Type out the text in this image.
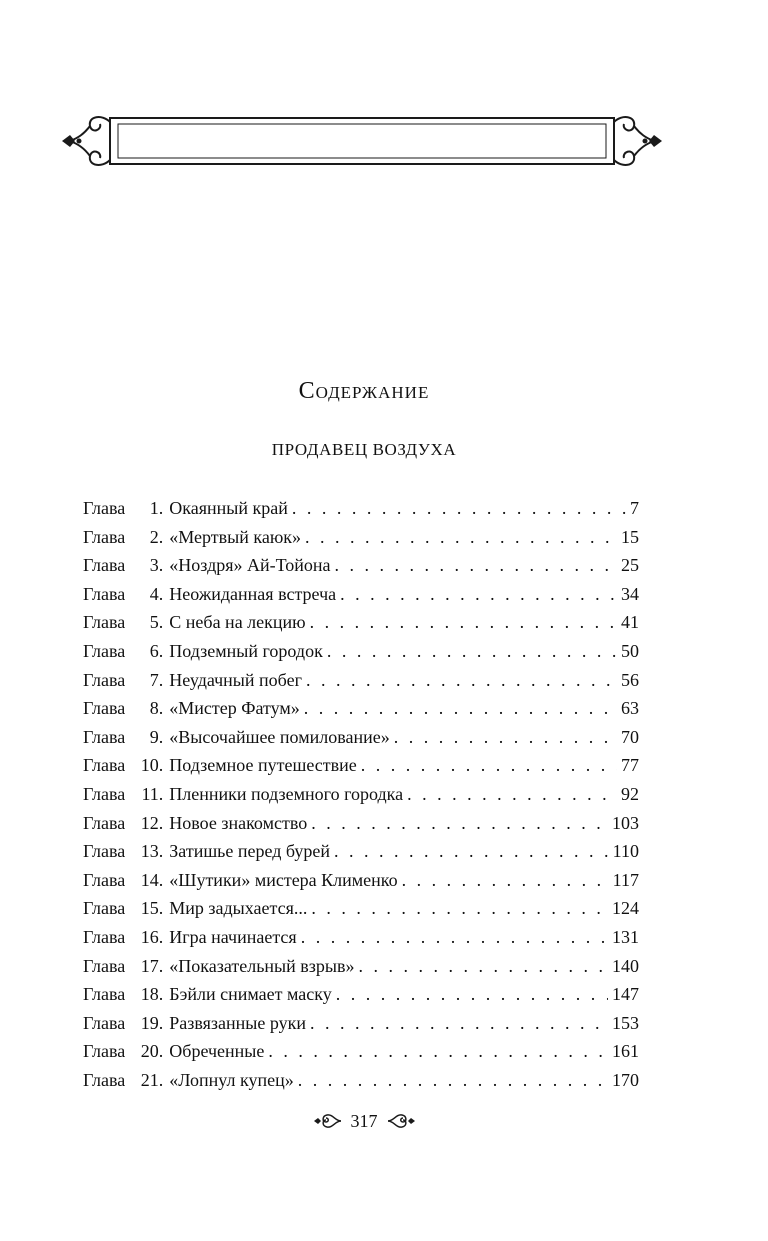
Содержание
ПРОДАВЕЦ ВОЗДУХА
Глава	1. Окаянный край . . .	7
Глава	2. «Мертвый каюк» . . .	15
Глава	3. «Ноздря» Ай-Тойона . . .	25
Глава	4. Неожиданная встреча . . .	34
Глава	5. С неба на лекцию . . .	41
Глава	6. Подземный городок . . .	50
Глава	7. Неудачный побег . . .	56
Глава	8. «Мистер Фатум» . . .	63
Глава	9. «Высочайшее помилование» . . .	70
Глава 10. Подземное путешествие . . .	77
Глава 11. Пленники подземного городка . . .	92
Глава 12. Новое знакомство . . .	103
Глава 13. Затишье перед бурей . . .	110
Глава 14. «Шутики» мистера Клименко . . .	117
Глава 15. Мир задыхается... . . .	124
Глава 16. Игра начинается . . .	131
Глава 17. «Показательный взрыв» . . .	140
Глава 18. Бэйли снимает маску . . .	147
Глава 19. Развязанные руки . . .	153
Глава 20. Обреченные . . .	161
Глава 21. «Лопнул купец» . . .	170
317
